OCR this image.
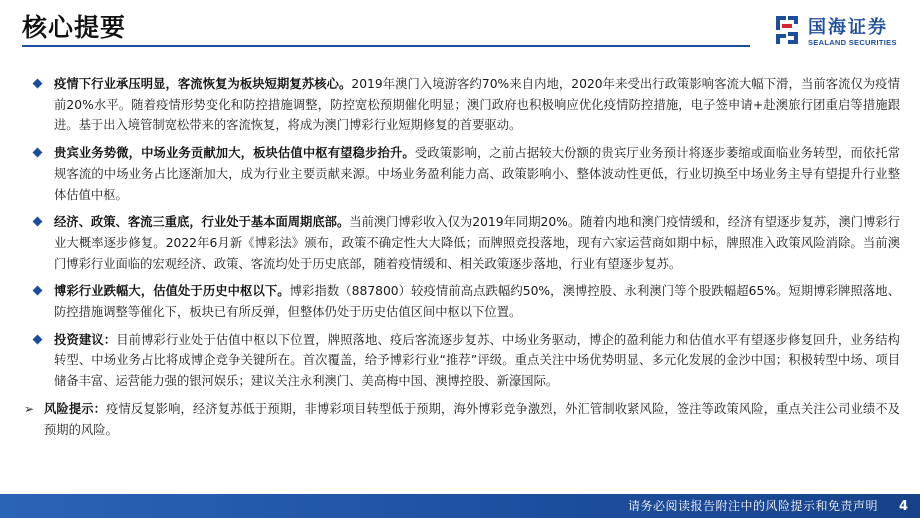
核心提要	国海证券
SEALAND SECURITIES
疫情下行业承压明显，客流恢复为板块短期复苏核心。2019年澳门入境游客约70%来自内地，2020年来受出行政策影响客流大幅下滑，当前客流仅为疫情前20%水平。随着疫情形势变化和防控措施调整，防控宽松预期催化明显；澳门政府也积极响应优化疫情防控措施，电子签申请+赴澳旅行团重启等措施跟进。基于出入境管制宽松带来的客流恢复，将成为澳门博彩行业短期修复的首要驱动。
贵宾业务势微，中场业务贡献加大，板块估值中枢有望稳步抬升。受政策影响，之前占据较大份额的贵宾厅业务预计将逐步萎缩或面临业务转型，而依托常规客流的中场业务占比逐渐加大，成为行业主要贡献来源。中场业务盈利能力高、政策影响小、整体波动性更低，行业切换至中场业务主导有望提升行业整体估值中枢。
经济、政策、客流三重底，行业处于基本面周期底部。当前澳门博彩收入仅为2019年同期20%。随着内地和澳门疫情缓和，经济有望逐步复苏，澳门博彩行业大概率逐步修复。2022年6月新《博彩法》颁布，政策不确定性大大降低；而牌照竞投落地，现有六家运营商如期中标，牌照准入政策风险消除。当前澳门博彩行业面临的宏观经济、政策、客流均处于历史底部，随着疫情缓和、相关政策逐步落地，行业有望逐步复苏。
博彩行业跌幅大，估值处于历史中枢以下。博彩指数（887800）较疫情前高点跌幅约50%，澳博控股、永利澳门等个股跌幅超65%。短期博彩牌照落地、防控措施调整等催化下，板块已有所反弹，但整体仍处于历史估值区间中枢以下位置。
投资建议：目前博彩行业处于估值中枢以下位置，牌照落地、疫后客流逐步复苏、中场业务驱动，博企的盈利能力和估值水平有望逐步修复回升，业务结构转型、中场业务占比将成博企竞争关键所在。首次覆盖，给予博彩行业“推荐”评级。重点关注中场优势明显、多元化发展的金沙中国；积极转型中场、项目储备丰富、运营能力强的银河娱乐；建议关注永利澳门、美高梅中国、澳博控股、新濠国际。
➢ 风险提示：疫情反复影响，经济复苏低于预期，非博彩项目转型低于预期，海外博彩竞争激烈，外汇管制收紧风险，签注等政策风险，重点关注公司业绩不及预期的风险。
请务必阅读报告附注中的风险提示和免责声明 4
